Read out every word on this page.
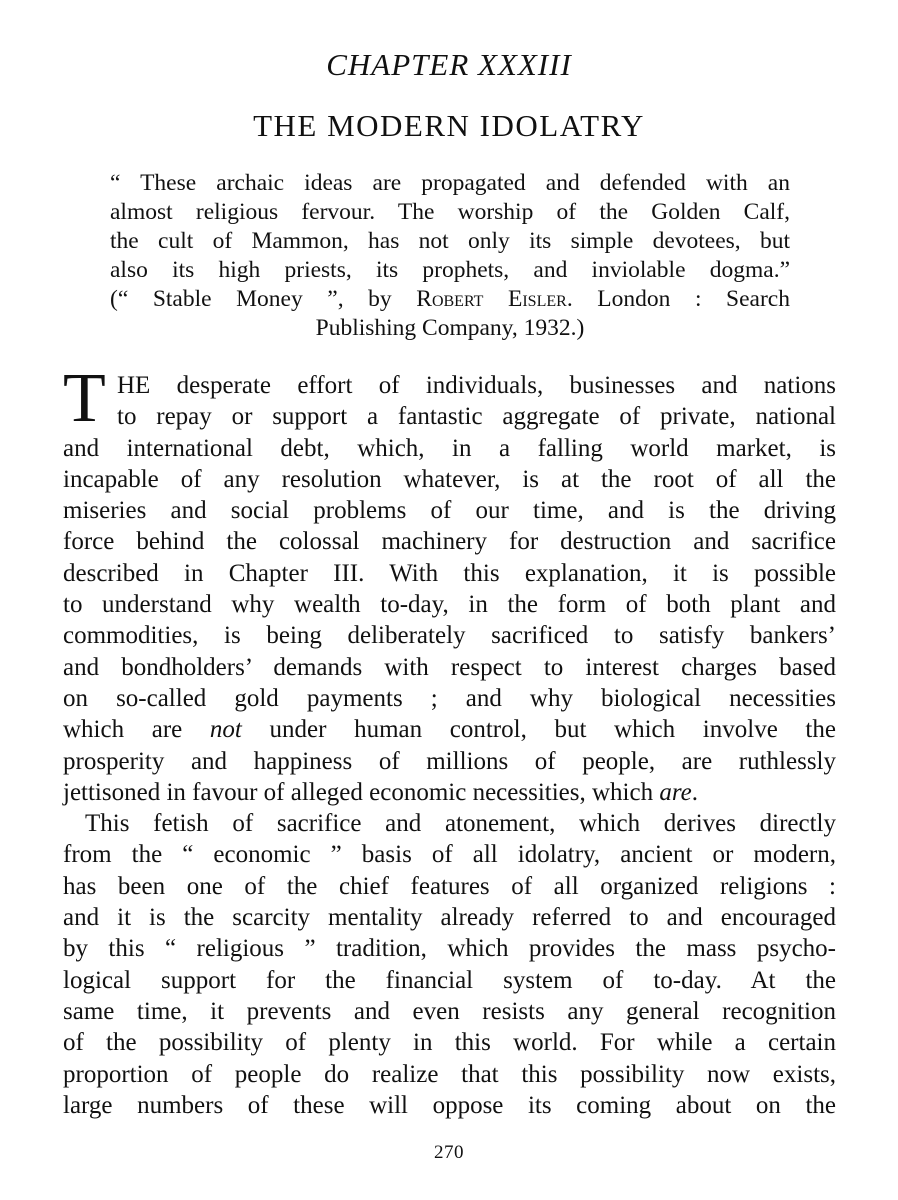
CHAPTER XXXIII
THE MODERN IDOLATRY
“ These archaic ideas are propagated and defended with an
almost religious fervour. The worship of the Golden Calf,
the cult of Mammon, has not only its simple devotees, but
also its high priests, its prophets, and inviolable dogma.”
(“ Stable Money ”, by Robert Eisler. London : Search
Publishing Company, 1932.)
T HE desperate effort of individuals, businesses and nations
to repay or support a fantastic aggregate of private, national
and international debt, which, in a falling world market, is
incapable of any resolution whatever, is at the root of all the
miseries and social problems of our time, and is the driving
force behind the colossal machinery for destruction and sacrifice
described in Chapter III. With this explanation, it is possible
to understand why wealth to-day, in the form of both plant and
commodities, is being deliberately sacrificed to satisfy bankers’
and bondholders’ demands with respect to interest charges based
on so-called gold payments ; and why biological necessities
which are not under human control, but which involve the
prosperity and happiness of millions of people, are ruthlessly
jettisoned in favour of alleged economic necessities, which are.
This fetish of sacrifice and atonement, which derives directly
from the “ economic ” basis of all idolatry, ancient or modern,
has been one of the chief features of all organized religions :
and it is the scarcity mentality already referred to and encouraged
by this “ religious ” tradition, which provides the mass psycho-
logical support for the financial system of to-day. At the
same time, it prevents and even resists any general recognition
of the possibility of plenty in this world. For while a certain
proportion of people do realize that this possibility now exists,
large numbers of these will oppose its coming about on the
270
